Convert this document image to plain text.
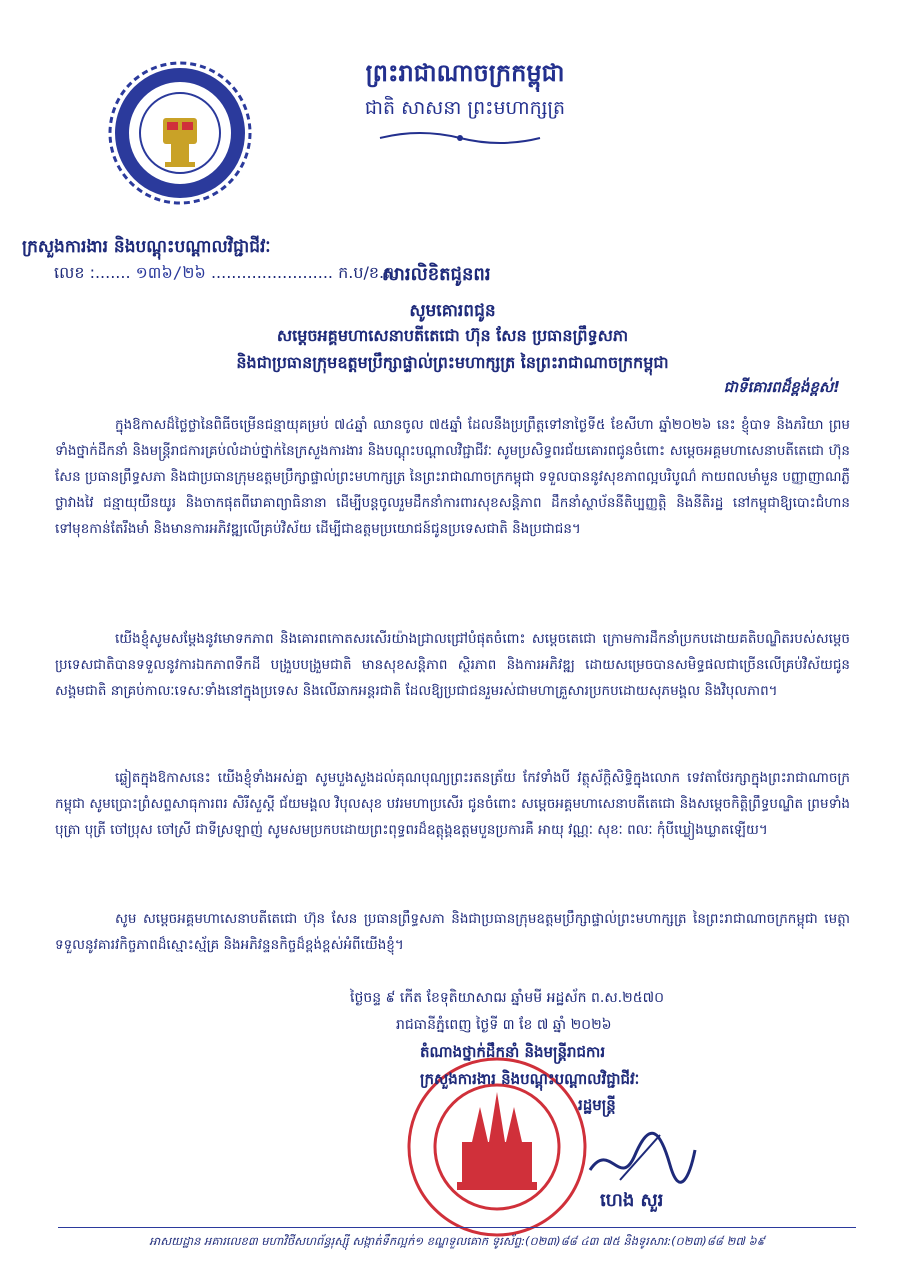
ព្រះរាជាណាចក្រកម្ពុជា
ជាតិ សាសនា ព្រះមហាក្សត្រ
ក្រសួងការងារ និងបណ្តុះបណ្តាលវិជ្ជាជីវៈ
លេខ :....... ១៣៦/២៦ ........................ ក.ប/ខ.ល
សារលិខិតជូនពរ
សូមគោរពជូន
សម្តេចអគ្គមហាសេនាបតីតេជោ ហ៊ុន សែន ប្រធានព្រឹទ្ធសភា
និងជាប្រធានក្រុមឧត្តមប្រឹក្សាផ្ទាល់ព្រះមហាក្សត្រ នៃព្រះរាជាណាចក្រកម្ពុជា
ជាទីគោរពដ៏ខ្ពង់ខ្ពស់!
ក្នុងឱកាសដ៏ថ្លៃថ្លានៃពិធីចម្រើនជន្មាយុគម្រប់ ៧៤ឆ្នាំ ឈានចូល ៧៥ឆ្នាំ ដែលនឹងប្រព្រឹត្តទៅនាថ្ងៃទី៥ ខែសីហា ឆ្នាំ២០២៦ នេះ ខ្ញុំបាទ និងភរិយា ព្រមទាំងថ្នាក់ដឹកនាំ និងមន្ត្រីរាជការគ្រប់លំដាប់ថ្នាក់នៃក្រសួងការងារ និងបណ្តុះបណ្តាលវិជ្ជាជីវៈ សូមប្រសិទ្ធពរជ័យគោរពជូនចំពោះ សម្តេចអគ្គមហាសេនាបតីតេជោ ហ៊ុន សែន ប្រធានព្រឹទ្ធសភា និងជាប្រធានក្រុមឧត្តមប្រឹក្សាផ្ទាល់ព្រះមហាក្សត្រ នៃព្រះរាជាណាចក្រកម្ពុជា ទទួលបាននូវសុខភាពល្អបរិបូណ៌ កាយពលមាំមួន បញ្ញាញាណភ្លឺថ្លាវាងវៃ ជន្មាយុយឺនយូរ និងចាកផុតពីរោគាព្យាធិនានា ដើម្បីបន្តចូលរួមដឹកនាំការពារសុខសន្តិភាព ដឹកនាំស្ថាប័ននីតិប្បញ្ញត្តិ និងនីតិរដ្ឋ នៅកម្ពុជាឱ្យបោះជំហានទៅមុខកាន់តែរឹងមាំ និងមានការអភិវឌ្ឍលើគ្រប់វិស័យ ដើម្បីជាឧត្តមប្រយោជន៍ជូនប្រទេសជាតិ និងប្រជាជន។
យើងខ្ញុំសូមសម្តែងនូវមោទកភាព និងគោរពកោតសរសើរយ៉ាងជ្រាលជ្រៅបំផុតចំពោះ សម្តេចតេជោ ក្រោមការដឹកនាំប្រកបដោយគតិបណ្ឌិតរបស់សម្តេច ប្រទេសជាតិបានទទួលនូវការឯកភាពទឹកដី បង្រួបបង្រួមជាតិ មានសុខសន្តិភាព ស្ថិរភាព និងការអភិវឌ្ឍ ដោយសម្រេចបានសមិទ្ធផលជាច្រើនលើគ្រប់វិស័យជូនសង្គមជាតិ នាគ្រប់កាលៈទេសៈទាំងនៅក្នុងប្រទេស និងលើឆាកអន្តរជាតិ ដែលឱ្យប្រជាជនរួមរស់ជាមហាគ្រួសារប្រកបដោយសុភមង្គល និងវិបុលភាព។
ឆ្លៀតក្នុងឱកាសនេះ យើងខ្ញុំទាំងអស់គ្នា សូមបួងសួងដល់គុណបុណ្យព្រះរតនត្រ័យ កែវទាំងបី វត្ថុស័ក្តិសិទ្ធិក្នុងលោក ទេវតាថែរក្សាក្នុងព្រះរាជាណាចក្រកម្ពុជា សូមប្រោះព្រំសព្ទសាធុការពរ សិរីសួស្តី ជ័យមង្គល វិបុលសុខ បវរមហាប្រសើរ ជូនចំពោះ សម្តេចអគ្គមហាសេនាបតីតេជោ និងសម្តេចកិត្តិព្រឹទ្ធបណ្ឌិត ព្រមទាំង បុត្រា បុត្រី ចៅប្រុស ចៅស្រី ជាទីស្រឡាញ់ សូមសមប្រកបដោយព្រះពុទ្ធពរដ៏ឧត្តុង្គឧត្តមបួនប្រការគឺ អាយុ វណ្ណៈ សុខៈ ពលៈ កុំបីឃ្លៀងឃ្លាតឡើយ។
សូម សម្តេចអគ្គមហាសេនាបតីតេជោ ហ៊ុន សែន ប្រធានព្រឹទ្ធសភា និងជាប្រធានក្រុមឧត្តមប្រឹក្សាផ្ទាល់ព្រះមហាក្សត្រ នៃព្រះរាជាណាចក្រកម្ពុជា មេត្តាទទួលនូវគារវកិច្ចភាពដ៏ស្មោះស្ម័គ្រ និងអភិវន្ទនកិច្ចដ៏ខ្ពង់ខ្ពស់អំពីយើងខ្ញុំ។
ថ្ងៃចន្ទ ៩ កើត ខែទុតិយាសាឍ ឆ្នាំមមី អដ្ឋស័ក ព.ស.២៥៧០
រាជធានីភ្នំពេញ ថ្ងៃទី ៣ ខែ ៧ ឆ្នាំ ២០២៦
តំណាងថ្នាក់ដឹកនាំ និងមន្ត្រីរាជការ
ក្រសួងការងារ និងបណ្តុះបណ្តាលវិជ្ជាជីវៈ
រដ្ឋមន្ត្រី
ហេង សួរ
អាសយដ្ឋាន អគារលេខ៣ មហាវិថីសហព័ន្ធរុស្ស៊ី សង្កាត់ទឹកល្អក់១ ខណ្ឌទួលគោក ទូរស័ព្ទ:(០២៣)៨៨ ៤៣ ៧៥ និងទូរសារ:(០២៣)៨៨ ២៧ ៦៩
